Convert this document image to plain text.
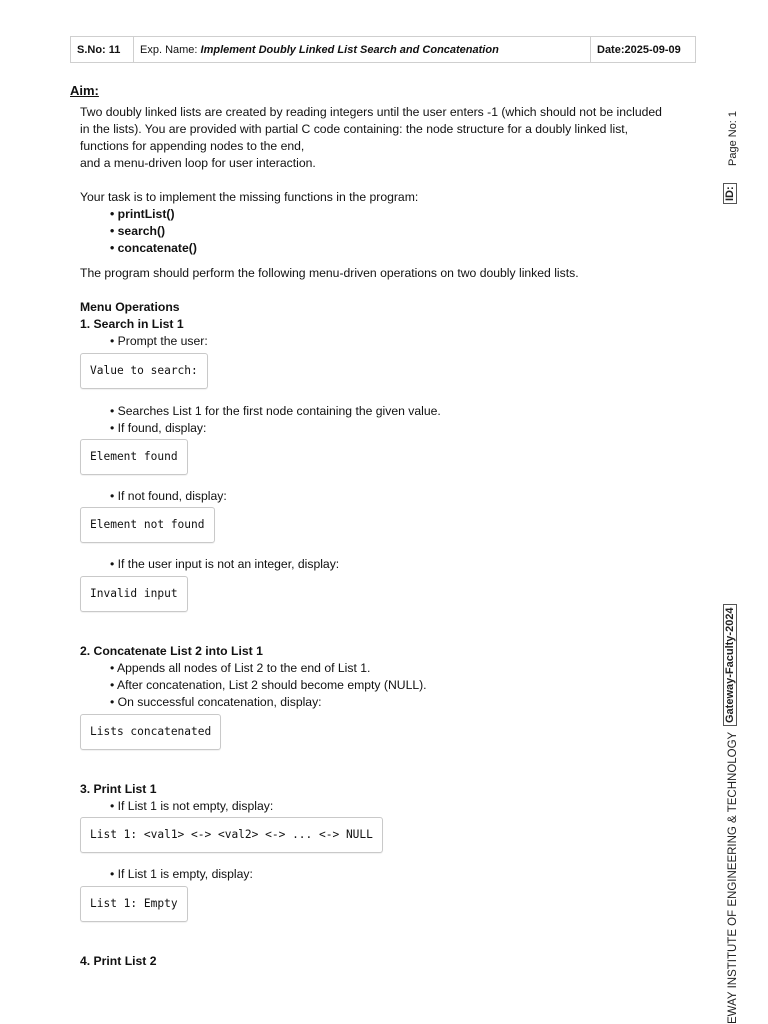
S.No: 11	Exp. Name: Implement Doubly Linked List Search and Concatenation	Date:2025-09-09
Aim:

Two doubly linked lists are created by reading integers until the user enters -1 (which should not be included

in the lists). You are provided with partial C code containing: the node structure for a doubly linked list,

functions for appending nodes to the end,

and a menu-driven loop for user interaction.

Your task is to implement the missing functions in the program:

• printList()

• search()

• concatenate()

The program should perform the following menu-driven operations on two doubly linked lists.

Menu Operations

1. Search in List 1

• Prompt the user:

Value to search:

• Searches List 1 for the first node containing the given value.

• If found, display:

Element found

• If not found, display:

Element not found

• If the user input is not an integer, display:

Invalid input

2. Concatenate List 2 into List 1

• Appends all nodes of List 2 to the end of List 1.

• After concatenation, List 2 should become empty (NULL).

• On successful concatenation, display:

Lists concatenated

3. Print List 1

• If List 1 is not empty, display:

List 1: <val1> <-> <val2> <-> ... <-> NULL

• If List 1 is empty, display:

List 1: Empty

4. Print List 2

Page No: 1
ID:
Gateway-Faculty-2024
EWAY INSTITUTE OF ENGINEERING & TECHNOLOGY
